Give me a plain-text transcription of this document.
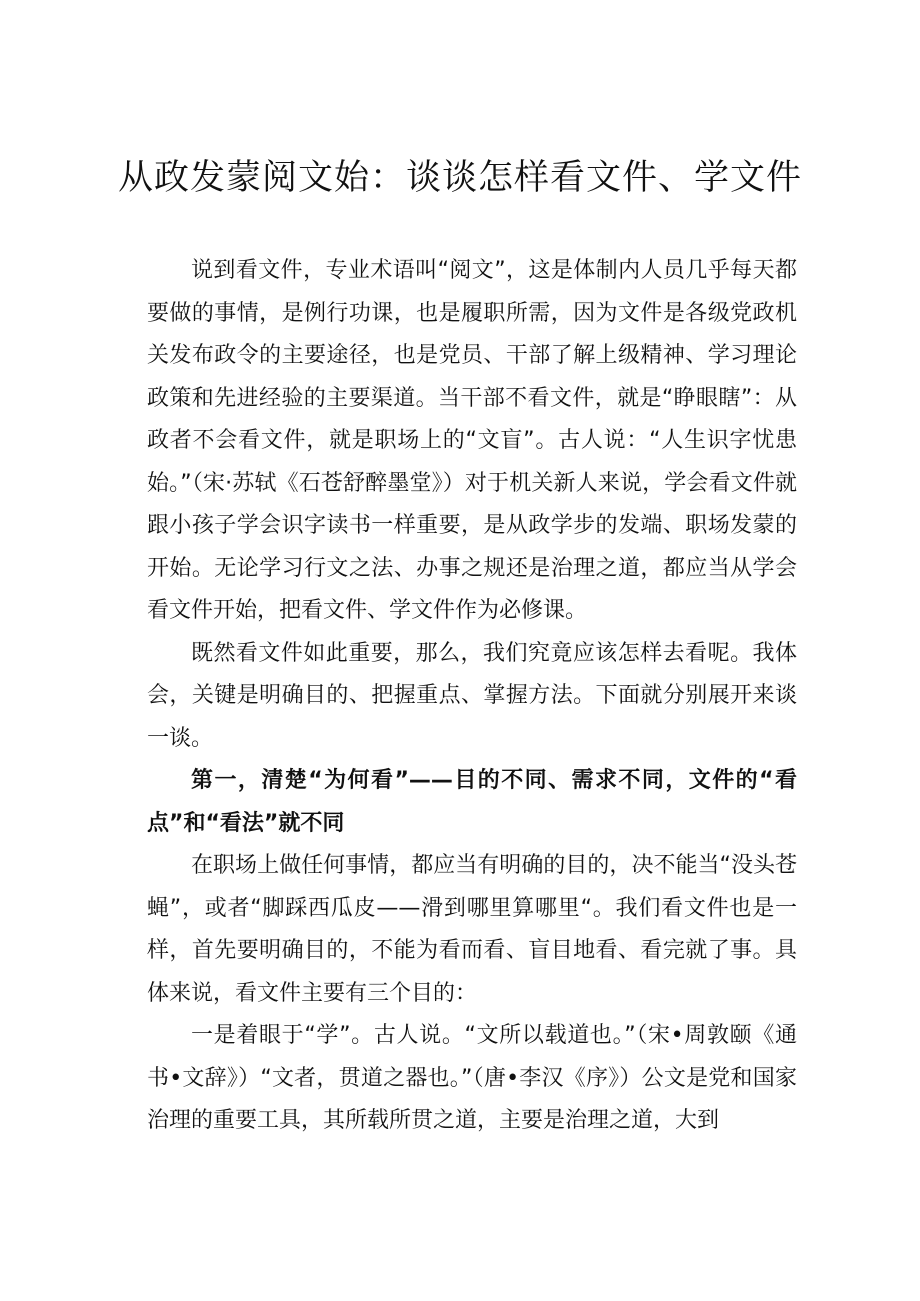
从政发蒙阅文始：谈谈怎样看文件、学文件

说到看文件，专业术语叫“阅文”，这是体制内人员几乎每天都要做的事情，是例行功课，也是履职所需，因为文件是各级党政机关发布政令的主要途径，也是党员、干部了解上级精神、学习理论政策和先进经验的主要渠道。当干部不看文件，就是“睁眼瞎”：从政者不会看文件，就是职场上的“文盲”。古人说：“人生识字忧患始。”（宋·苏轼《石苍舒醉墨堂》）对于机关新人来说，学会看文件就跟小孩子学会识字读书一样重要，是从政学步的发端、职场发蒙的开始。无论学习行文之法、办事之规还是治理之道，都应当从学会看文件开始，把看文件、学文件作为必修课。

既然看文件如此重要，那么，我们究竟应该怎样去看呢。我体会，关键是明确目的、把握重点、掌握方法。下面就分别展开来谈一谈。

第一，清楚“为何看”——目的不同、需求不同，文件的“看点”和“看法”就不同

在职场上做任何事情，都应当有明确的目的，决不能当“没头苍蝇”，或者“脚踩西瓜皮——滑到哪里算哪里“。我们看文件也是一样，首先要明确目的，不能为看而看、盲目地看、看完就了事。具体来说，看文件主要有三个目的：

一是着眼于“学”。古人说。“文所以载道也。”（宋•周敦颐《通书•文辞》）“文者，贯道之器也。”（唐•李汉《序》）公文是党和国家治理的重要工具，其所载所贯之道，主要是治理之道，大到
